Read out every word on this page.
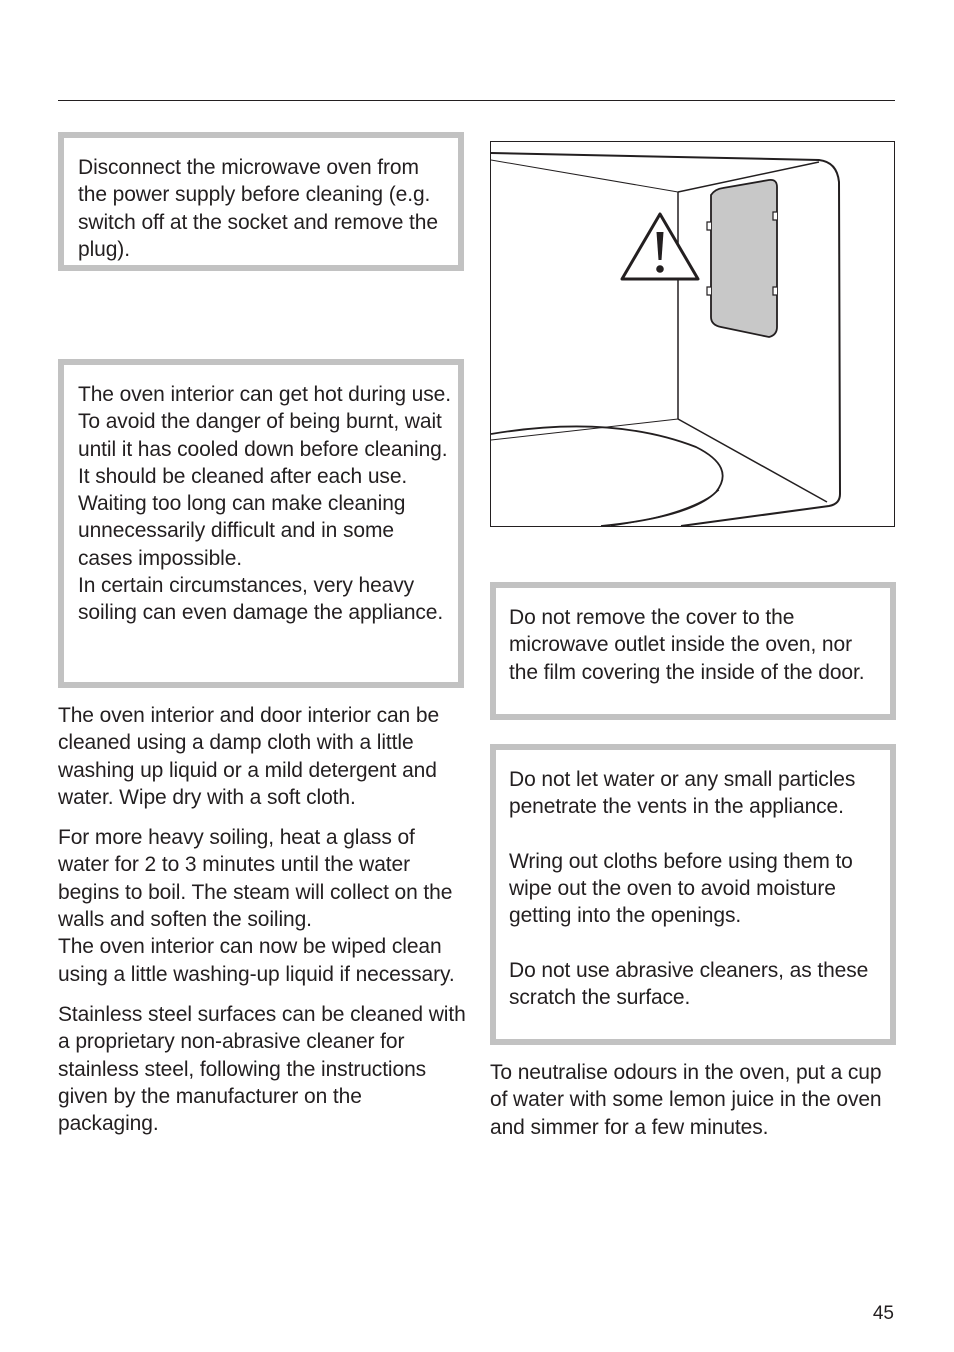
Disconnect the microwave oven from the power supply before cleaning (e.g. switch off at the socket and remove the plug).

The oven interior can get hot during use. To avoid the danger of being burnt, wait until it has cooled down before cleaning. It should be cleaned after each use. Waiting too long can make cleaning unnecessarily difficult and in some cases impossible.

In certain circumstances, very heavy soiling can even damage the appliance.

The oven interior and door interior can be cleaned using a damp cloth with a little washing up liquid or a mild detergent and water. Wipe dry with a soft cloth.

For more heavy soiling, heat a glass of water for 2 to 3 minutes until the water begins to boil. The steam will collect on the walls and soften the soiling.
The oven interior can now be wiped clean using a little washing-up liquid if necessary.

Stainless steel surfaces can be cleaned with a proprietary non-abrasive cleaner for stainless steel, following the instructions given by the manufacturer on the packaging.

Do not remove the cover to the microwave outlet inside the oven, nor the film covering the inside of the door.

Do not let water or any small particles penetrate the vents in the appliance.

Wring out cloths before using them to wipe out the oven to avoid moisture getting into the openings.

Do not use abrasive cleaners, as these scratch the surface.

To neutralise odours in the oven, put a cup of water with some lemon juice in the oven and simmer for a few minutes.

45
